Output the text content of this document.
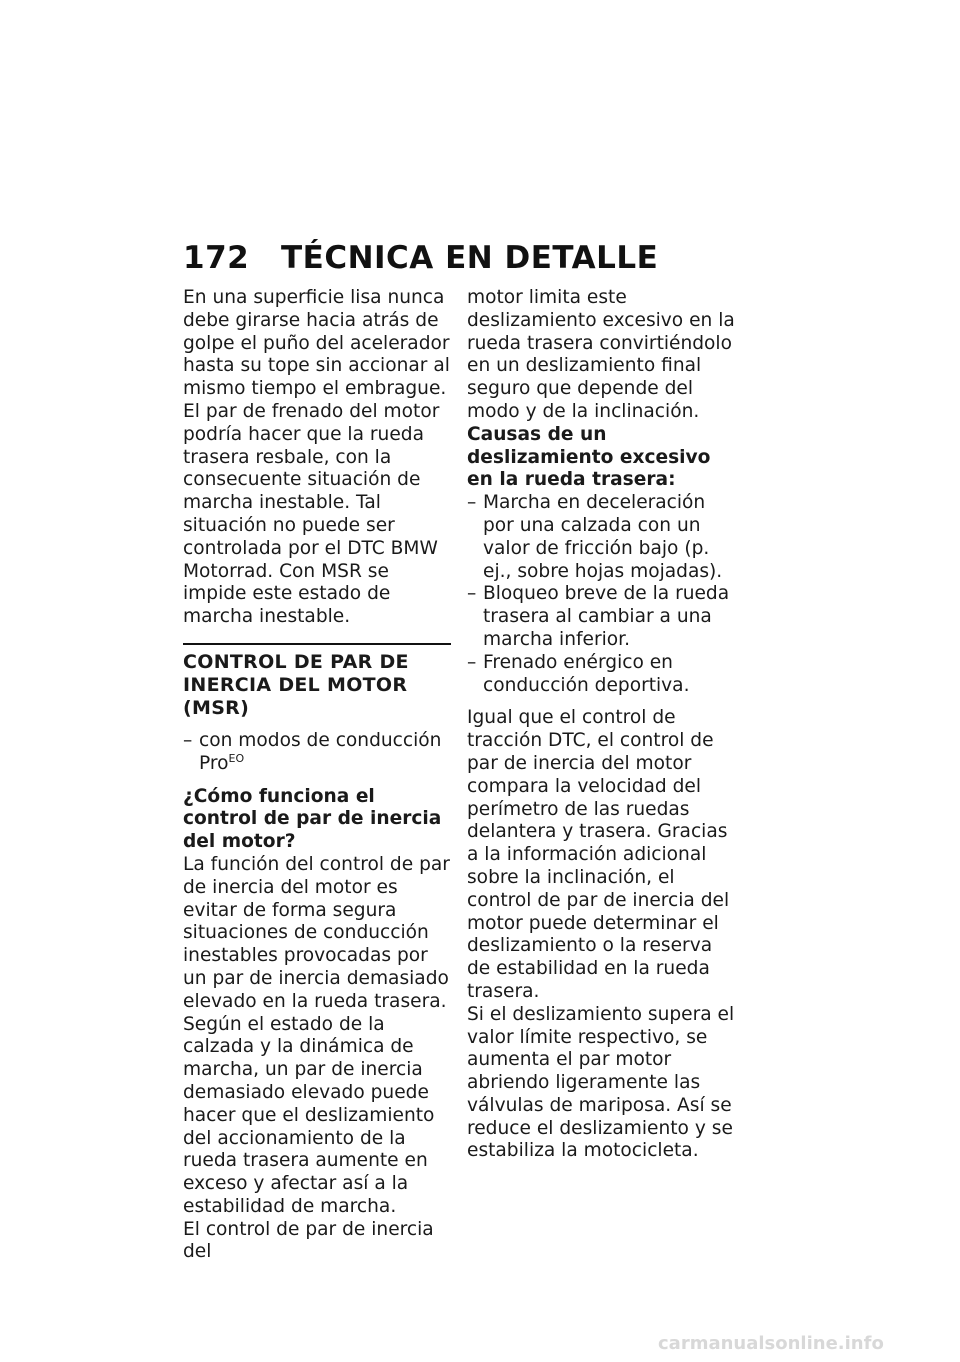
172 TÉCNICA EN DETALLE

En una superficie lisa nunca debe girarse hacia atrás de golpe el puño del acelerador hasta su tope sin accionar al mismo tiempo el embrague.

El par de frenado del motor podría hacer que la rueda trasera resbale, con la consecuente situación de marcha inestable. Tal situación no puede ser controlada por el DTC BMW Motorrad. Con MSR se impide este estado de marcha inestable.

CONTROL DE PAR DE INERCIA DEL MOTOR (MSR)

– con modos de conducción Pro$^{EO}$

¿Cómo funciona el control de par de inercia del motor?

La función del control de par de inercia del motor es evitar de forma segura situaciones de conducción inestables provocadas por un par de inercia demasiado elevado en la rueda trasera. Según el estado de la calzada y la dinámica de marcha, un par de inercia demasiado elevado puede hacer que el deslizamiento del accionamiento de la rueda trasera aumente en exceso y afectar así a la estabilidad de marcha.

El control de par de inercia del

motor limita este deslizamiento excesivo en la rueda trasera convirtiéndolo en un deslizamiento final seguro que depende del modo y de la inclinación.

Causas de un deslizamiento excesivo en la rueda trasera:

– Marcha en deceleración por una calzada con un valor de fricción bajo (p. ej., sobre hojas mojadas).
– Bloqueo breve de la rueda trasera al cambiar a una marcha inferior.
– Frenado enérgico en conducción deportiva.

Igual que el control de tracción DTC, el control de par de inercia del motor compara la velocidad del perímetro de las ruedas delantera y trasera. Gracias a la información adicional sobre la inclinación, el control de par de inercia del motor puede determinar el deslizamiento o la reserva de estabilidad en la rueda trasera.

Si el deslizamiento supera el valor límite respectivo, se aumenta el par motor abriendo ligeramente las válvulas de mariposa. Así se reduce el deslizamiento y se estabiliza la motocicleta.

carmanualsonline.info
